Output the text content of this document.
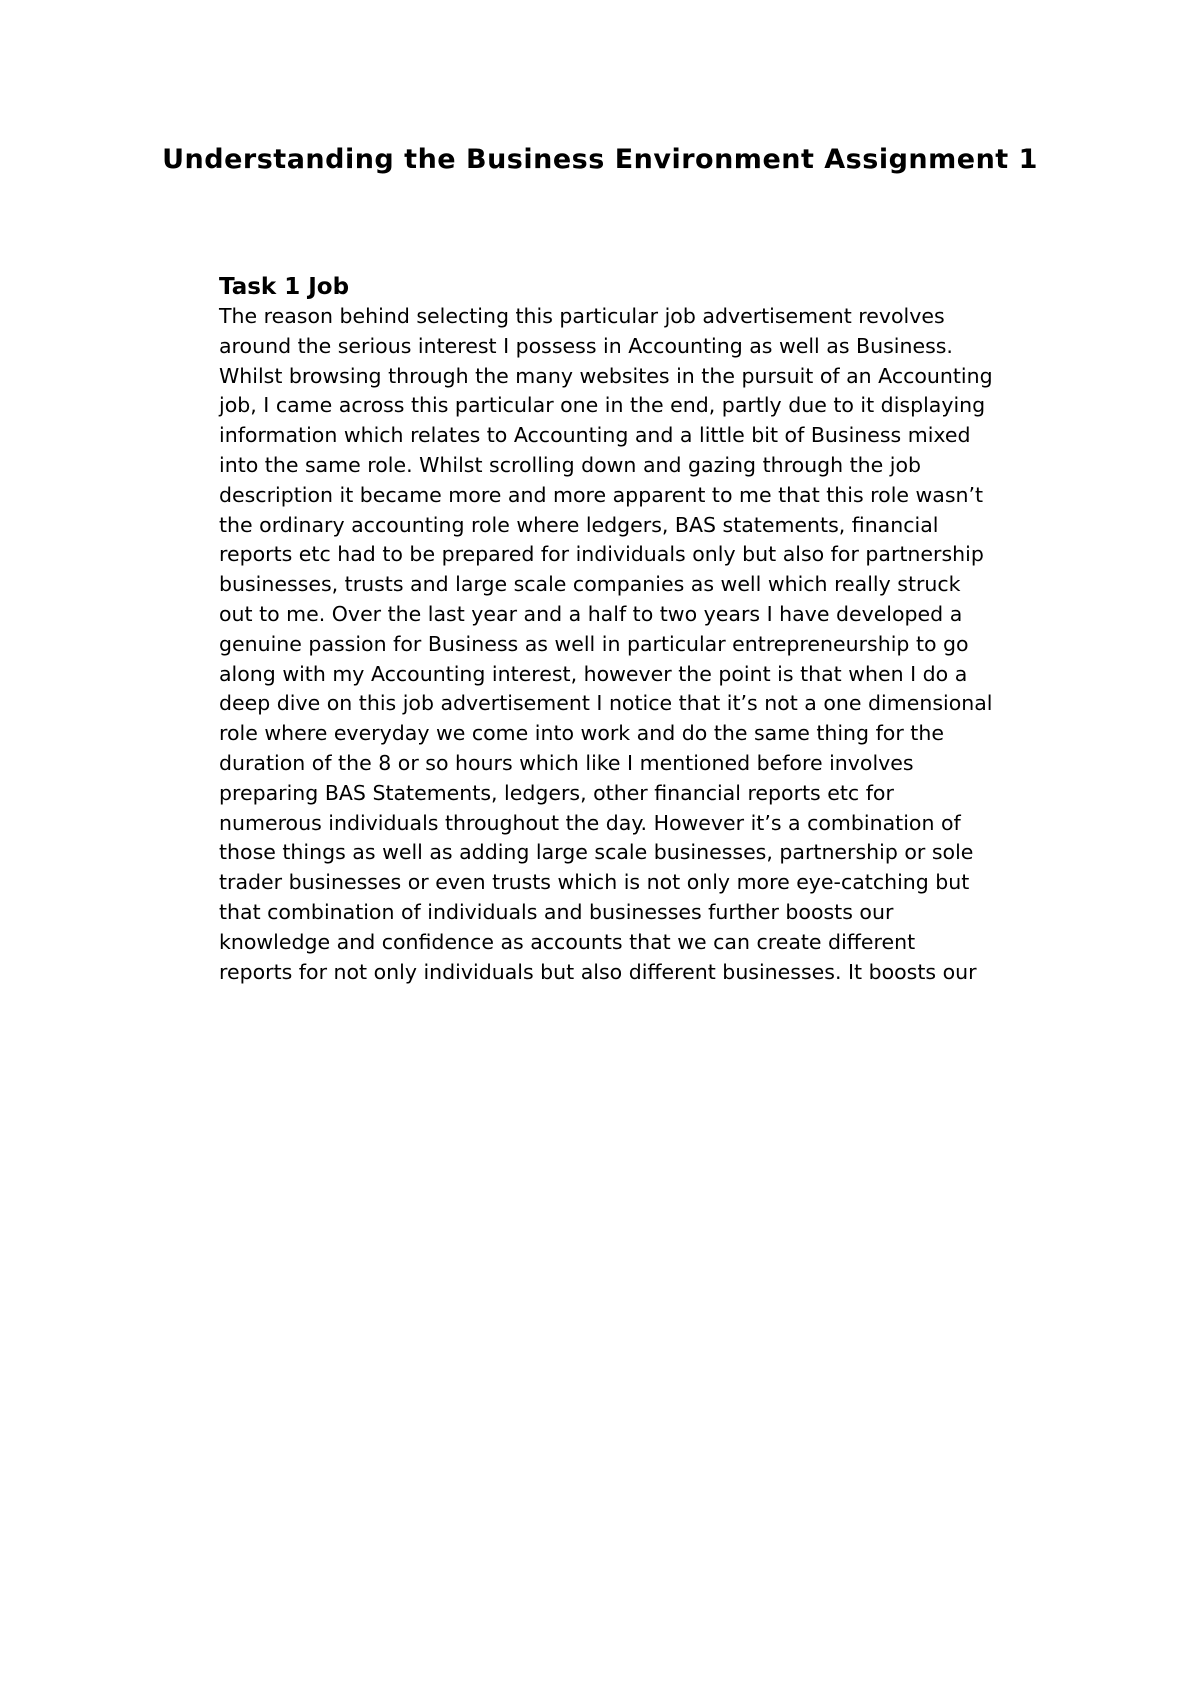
Understanding the Business Environment Assignment 1
Task 1 Job

The reason behind selecting this particular job advertisement revolves
around the serious interest I possess in Accounting as well as Business.
Whilst browsing through the many websites in the pursuit of an Accounting
job, I came across this particular one in the end, partly due to it displaying
information which relates to Accounting and a little bit of Business mixed
into the same role. Whilst scrolling down and gazing through the job
description it became more and more apparent to me that this role wasn’t
the ordinary accounting role where ledgers, BAS statements, financial
reports etc had to be prepared for individuals only but also for partnership
businesses, trusts and large scale companies as well which really struck
out to me. Over the last year and a half to two years I have developed a
genuine passion for Business as well in particular entrepreneurship to go
along with my Accounting interest, however the point is that when I do a
deep dive on this job advertisement I notice that it’s not a one dimensional
role where everyday we come into work and do the same thing for the
duration of the 8 or so hours which like I mentioned before involves
preparing BAS Statements, ledgers, other financial reports etc for
numerous individuals throughout the day. However it’s a combination of
those things as well as adding large scale businesses, partnership or sole
trader businesses or even trusts which is not only more eye-catching but
that combination of individuals and businesses further boosts our
knowledge and confidence as accounts that we can create different
reports for not only individuals but also different businesses. It boosts our
